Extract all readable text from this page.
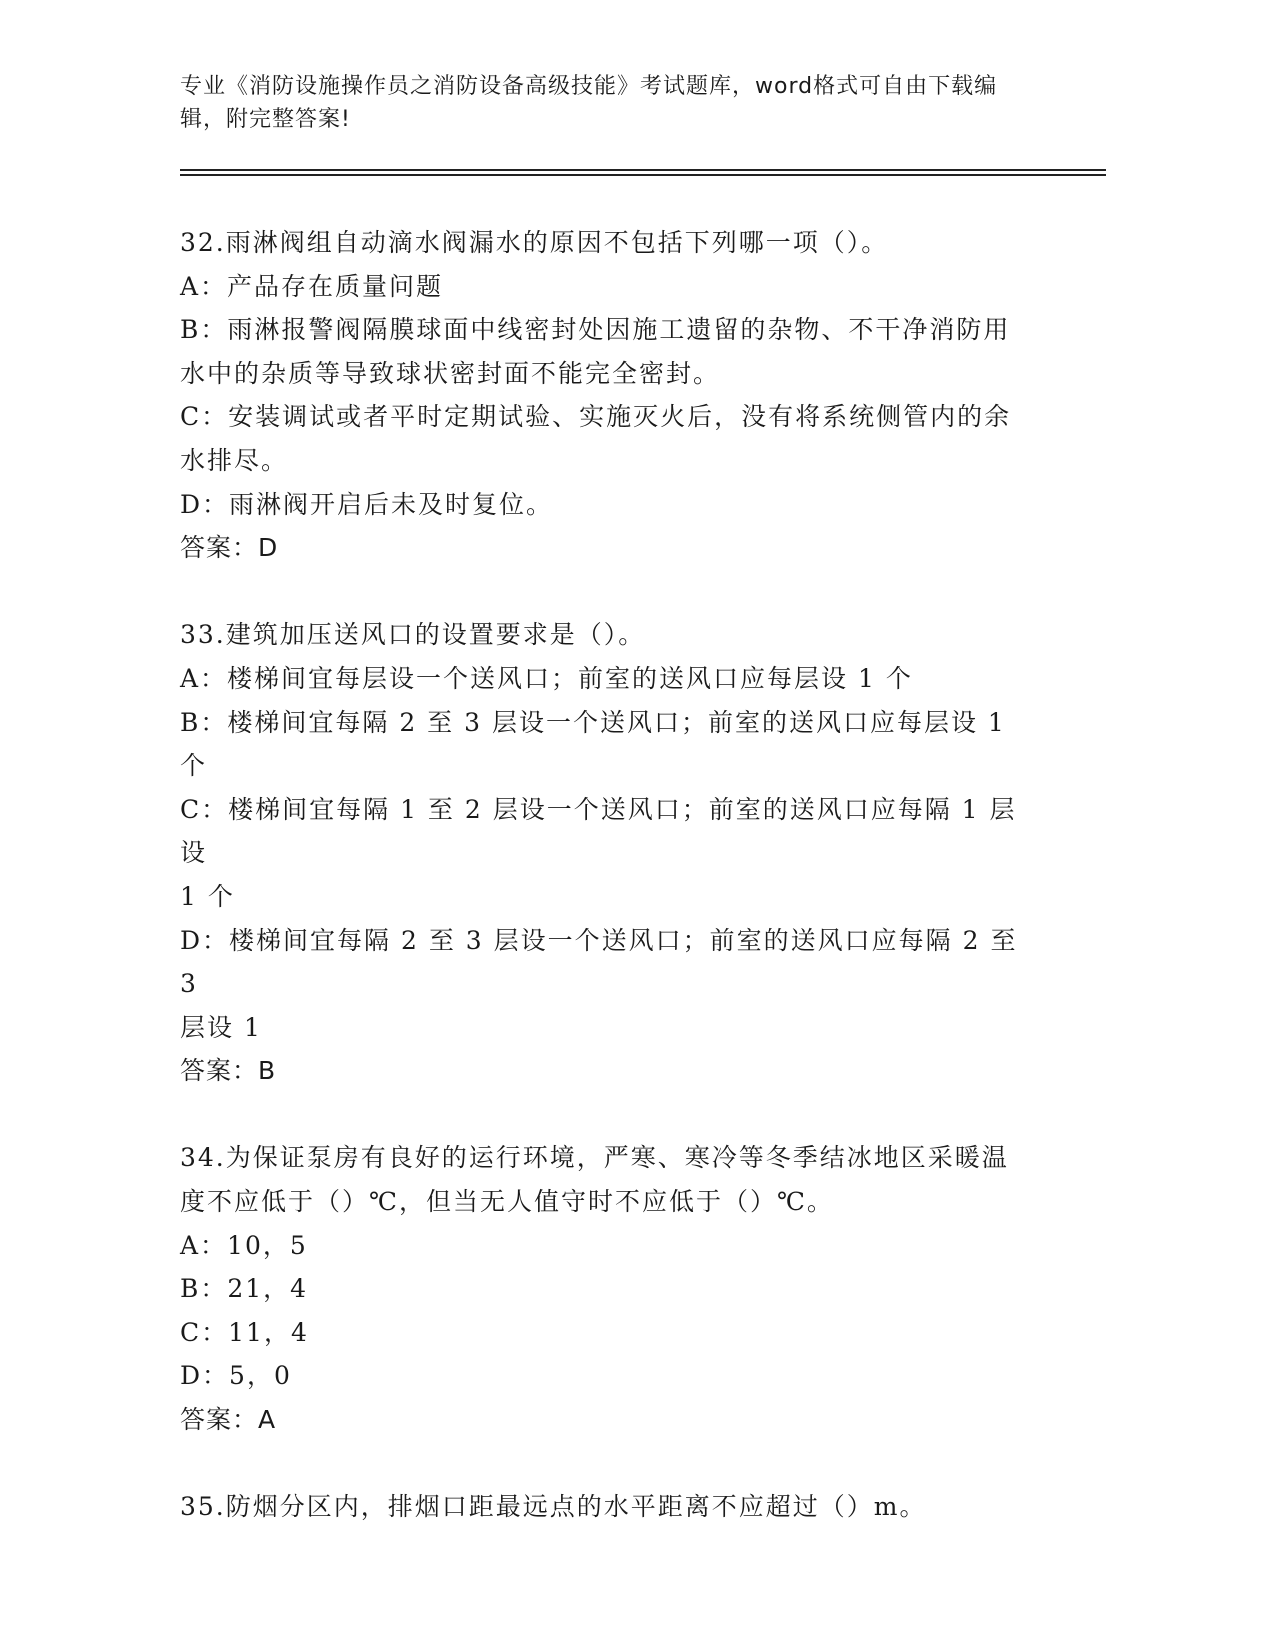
专业《消防设施操作员之消防设备高级技能》考试题库，word格式可自由下载编辑，附完整答案!

32.雨淋阀组自动滴水阀漏水的原因不包括下列哪一项（）。

A：产品存在质量问题

B：雨淋报警阀隔膜球面中线密封处因施工遗留的杂物、不干净消防用

水中的杂质等导致球状密封面不能完全密封。

C：安装调试或者平时定期试验、实施灭火后，没有将系统侧管内的余

水排尽。

D：雨淋阀开启后未及时复位。

答案：D

33.建筑加压送风口的设置要求是（）。

A：楼梯间宜每层设一个送风口；前室的送风口应每层设 1 个

B：楼梯间宜每隔 2 至 3 层设一个送风口；前室的送风口应每层设 1 个

C：楼梯间宜每隔 1 至 2 层设一个送风口；前室的送风口应每隔 1 层设

1 个

D：楼梯间宜每隔 2 至 3 层设一个送风口；前室的送风口应每隔 2 至 3

层设 1

答案：B

34.为保证泵房有良好的运行环境，严寒、寒冷等冬季结冰地区采暖温

度不应低于（）℃，但当无人值守时不应低于（）℃。

A：10，5

B：21，4

C：11，4

D：5，0

答案：A

35.防烟分区内，排烟口距最远点的水平距离不应超过（）m。
